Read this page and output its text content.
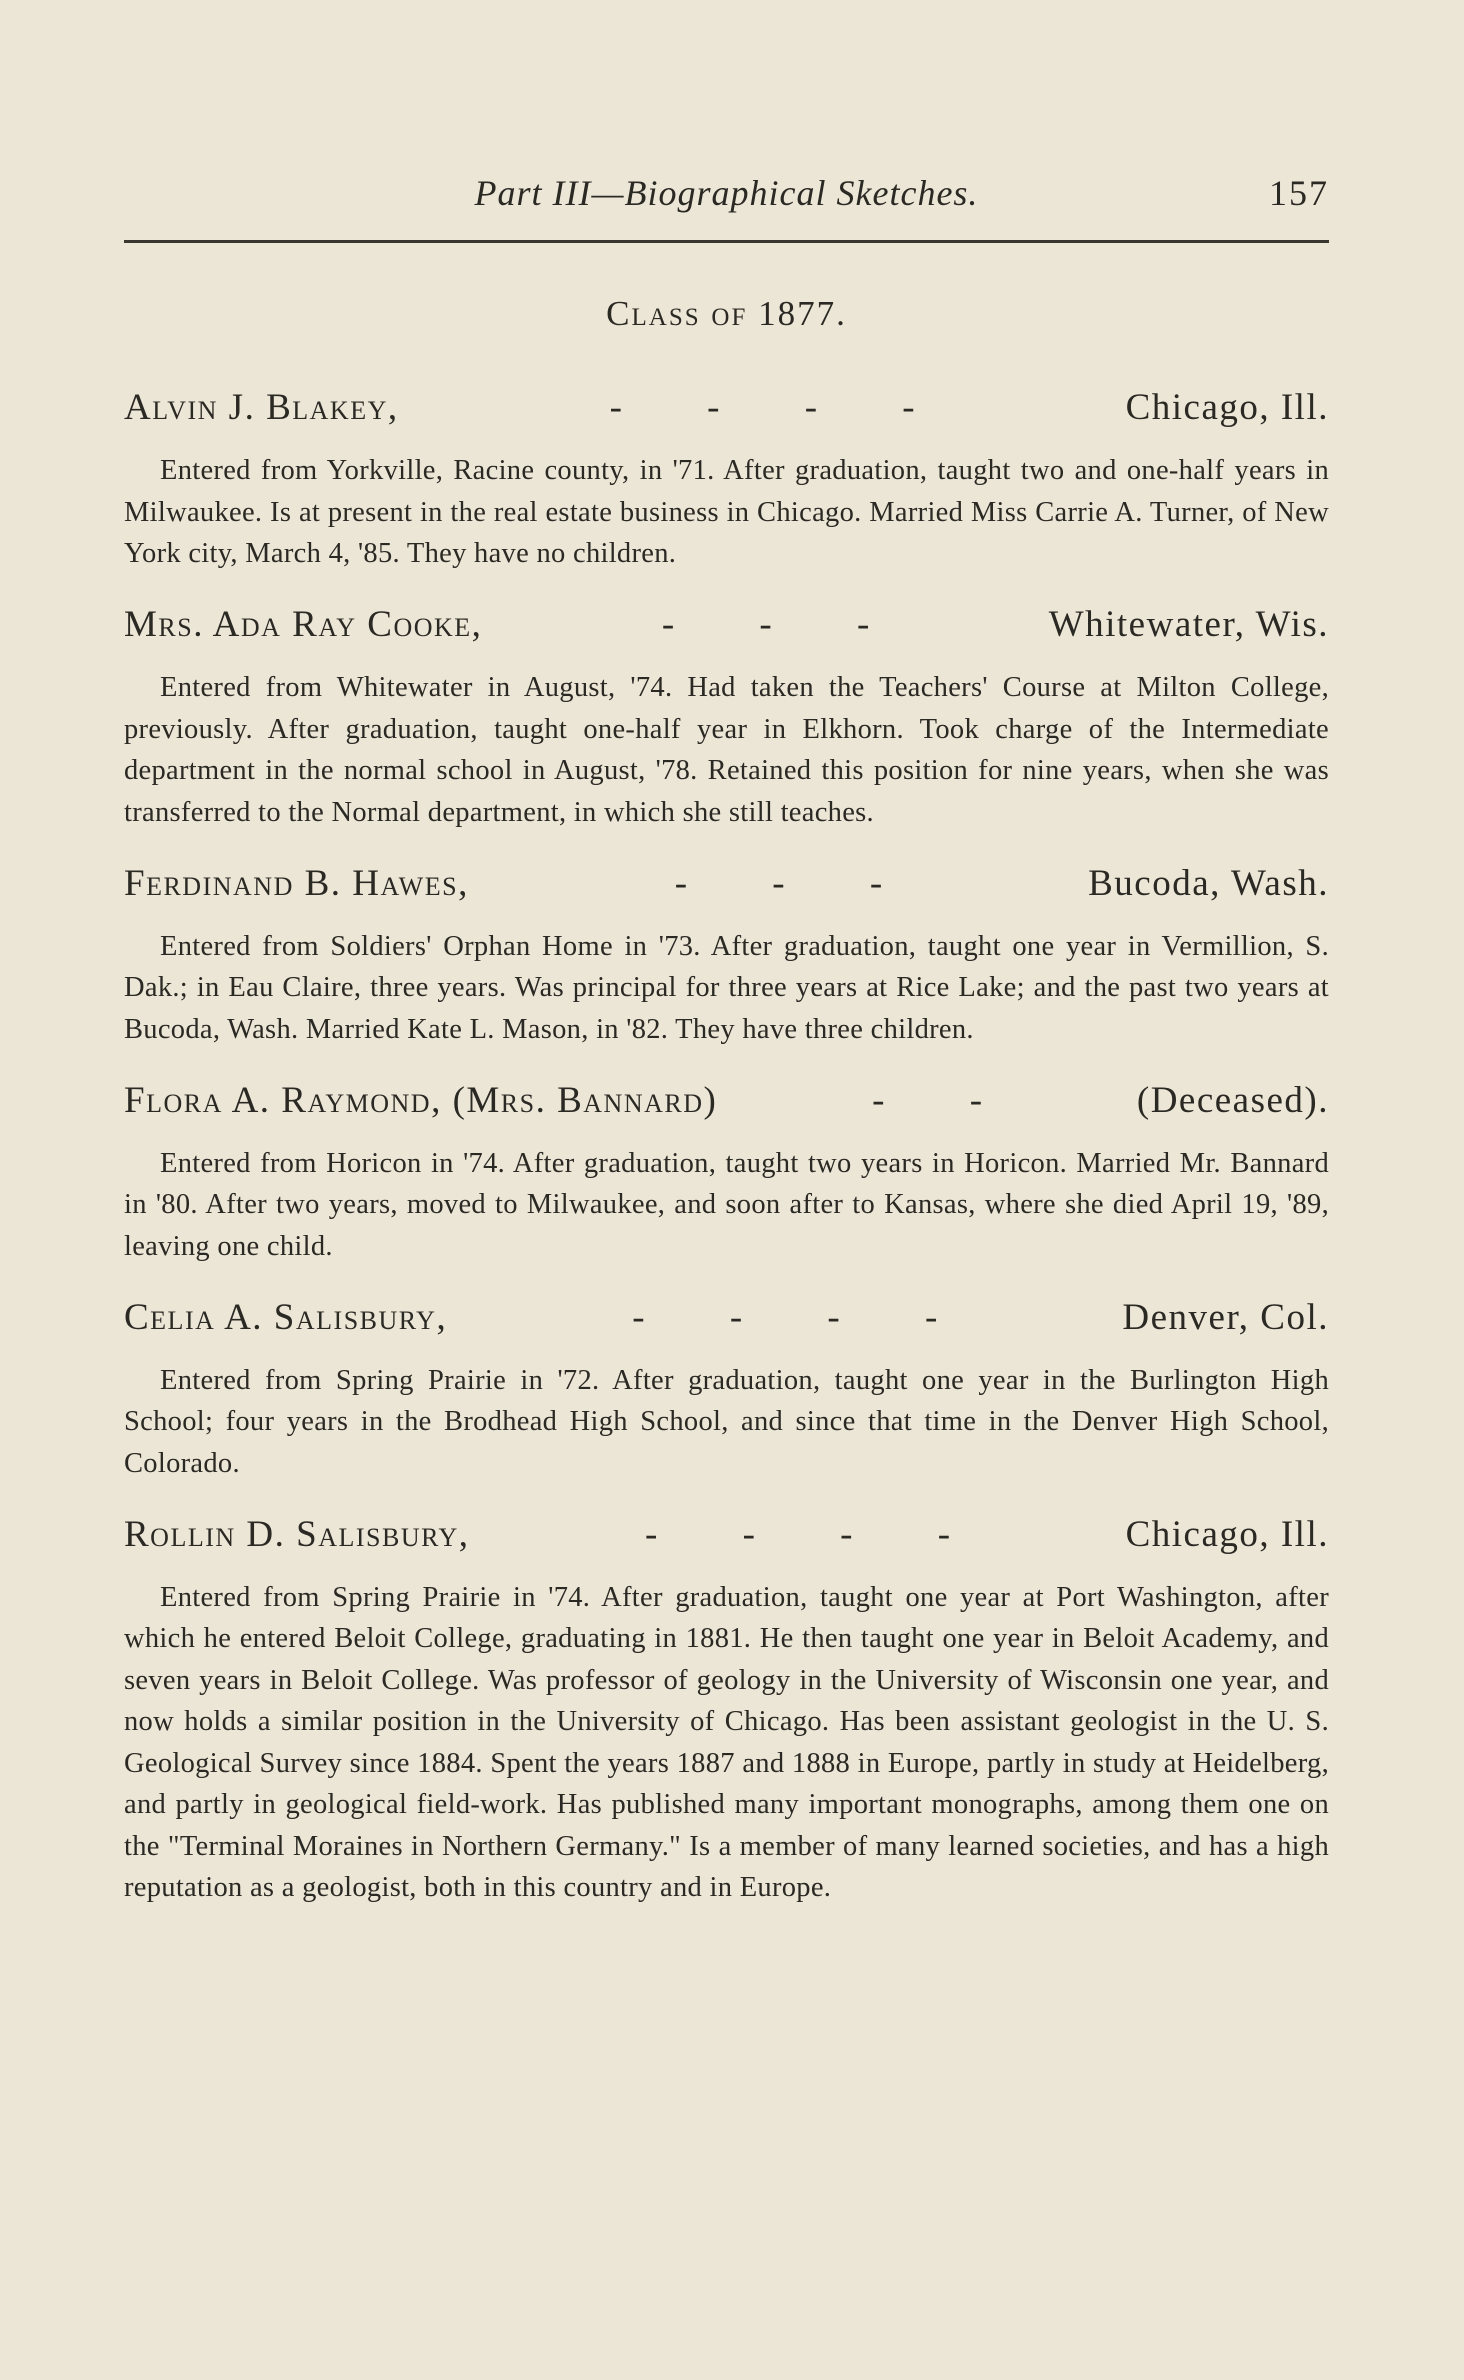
Part III—Biographical Sketches.	157
Class of 1877.
Alvin J. Blakey,	- - - -	Chicago, Ill.

Entered from Yorkville, Racine county, in '71. After graduation, taught two and one-half years in Milwaukee. Is at present in the real estate business in Chicago. Married Miss Carrie A. Turner, of New York city, March 4, '85. They have no children.

Mrs. Ada Ray Cooke,	- - -	Whitewater, Wis.

Entered from Whitewater in August, '74. Had taken the Teachers' Course at Milton College, previously. After graduation, taught one-half year in Elkhorn. Took charge of the Intermediate department in the normal school in August, '78. Retained this position for nine years, when she was transferred to the Normal department, in which she still teaches.

Ferdinand B. Hawes,	- - -	Bucoda, Wash.

Entered from Soldiers' Orphan Home in '73. After graduation, taught one year in Vermillion, S. Dak.; in Eau Claire, three years. Was principal for three years at Rice Lake; and the past two years at Bucoda, Wash. Married Kate L. Mason, in '82. They have three children.

Flora A. Raymond, (Mrs. Bannard)	- -	(Deceased).

Entered from Horicon in '74. After graduation, taught two years in Horicon. Married Mr. Bannard in '80. After two years, moved to Milwaukee, and soon after to Kansas, where she died April 19, '89, leaving one child.

Celia A. Salisbury,	- - - -	Denver, Col.

Entered from Spring Prairie in '72. After graduation, taught one year in the Burlington High School; four years in the Brodhead High School, and since that time in the Denver High School, Colorado.

Rollin D. Salisbury,	- - - -	Chicago, Ill.

Entered from Spring Prairie in '74. After graduation, taught one year at Port Washington, after which he entered Beloit College, graduating in 1881. He then taught one year in Beloit Academy, and seven years in Beloit College. Was professor of geology in the University of Wisconsin one year, and now holds a similar position in the University of Chicago. Has been assistant geologist in the U. S. Geological Survey since 1884. Spent the years 1887 and 1888 in Europe, partly in study at Heidelberg, and partly in geological field-work. Has published many important monographs, among them one on the "Terminal Moraines in Northern Germany." Is a member of many learned societies, and has a high reputation as a geologist, both in this country and in Europe.
